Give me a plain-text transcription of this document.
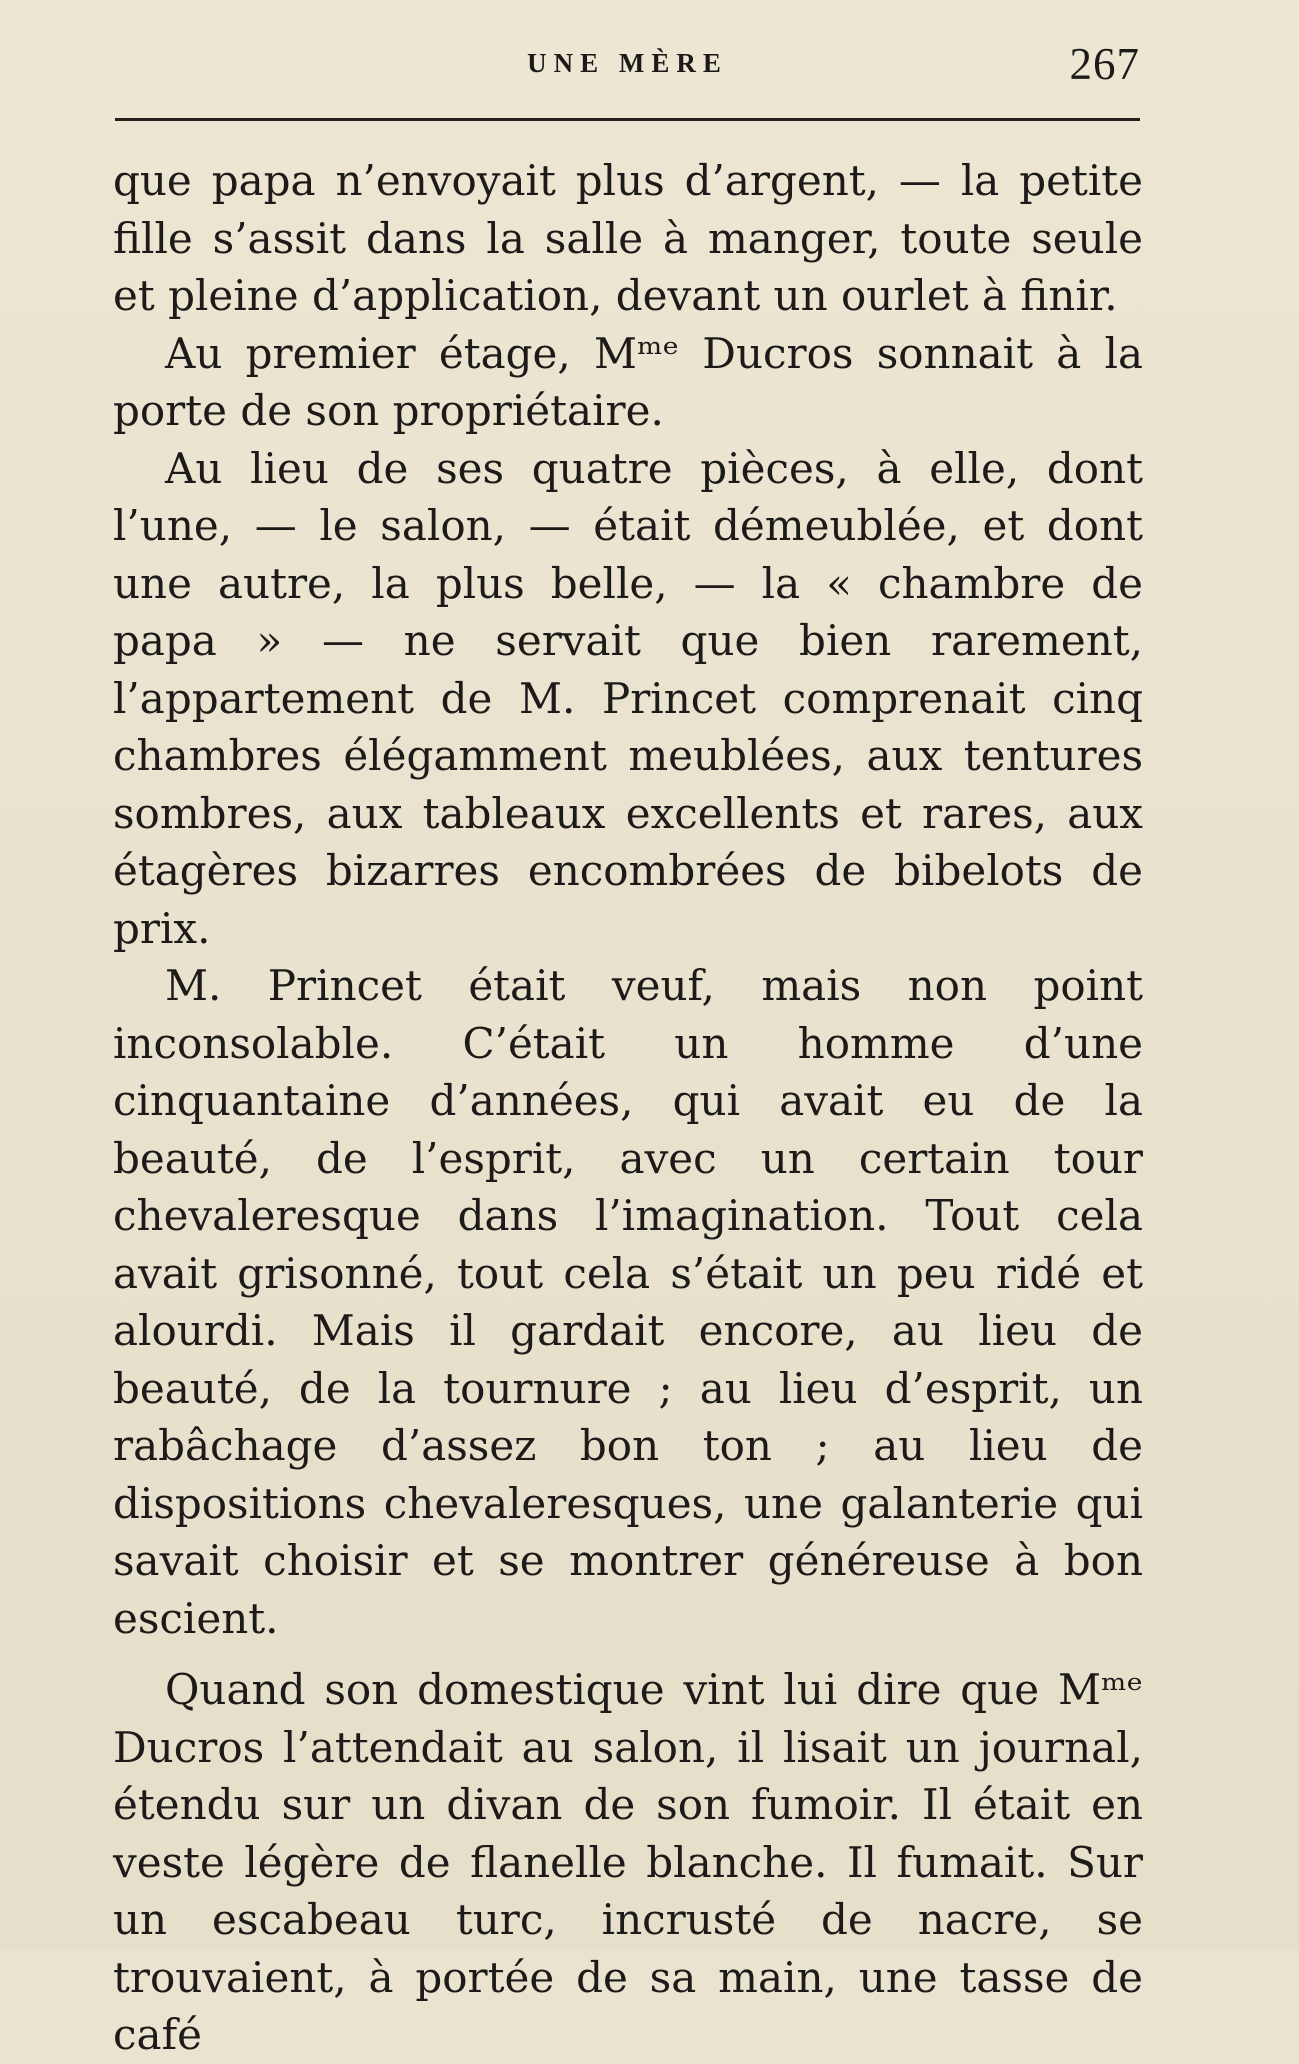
UNE MÈRE	267

que papa n’envoyait plus d’argent, — la petite fille s’assit dans la salle à manger, toute seule et pleine d’application, devant un ourlet à finir.

Au premier étage, Mᵐᵉ Ducros sonnait à la porte de son propriétaire.

Au lieu de ses quatre pièces, à elle, dont l’une, — le salon, — était démeublée, et dont une autre, la plus belle, — la « chambre de papa » — ne servait que bien rarement, l’appartement de M. Princet comprenait cinq chambres élégamment meublées, aux tentures sombres, aux tableaux excellents et rares, aux étagères bizarres encombrées de bibelots de prix.

M. Princet était veuf, mais non point inconsolable. C’était un homme d’une cinquantaine d’années, qui avait eu de la beauté, de l’esprit, avec un certain tour chevaleresque dans l’imagination. Tout cela avait grisonné, tout cela s’était un peu ridé et alourdi. Mais il gardait encore, au lieu de beauté, de la tournure ; au lieu d’esprit, un rabâchage d’assez bon ton ; au lieu de dispositions chevaleresques, une galanterie qui savait choisir et se montrer généreuse à bon escient.

Quand son domestique vint lui dire que Mᵐᵉ Ducros l’attendait au salon, il lisait un journal, étendu sur un divan de son fumoir. Il était en veste légère de flanelle blanche. Il fumait. Sur un escabeau turc, incrusté de nacre, se trouvaient, à portée de sa main, une tasse de café
